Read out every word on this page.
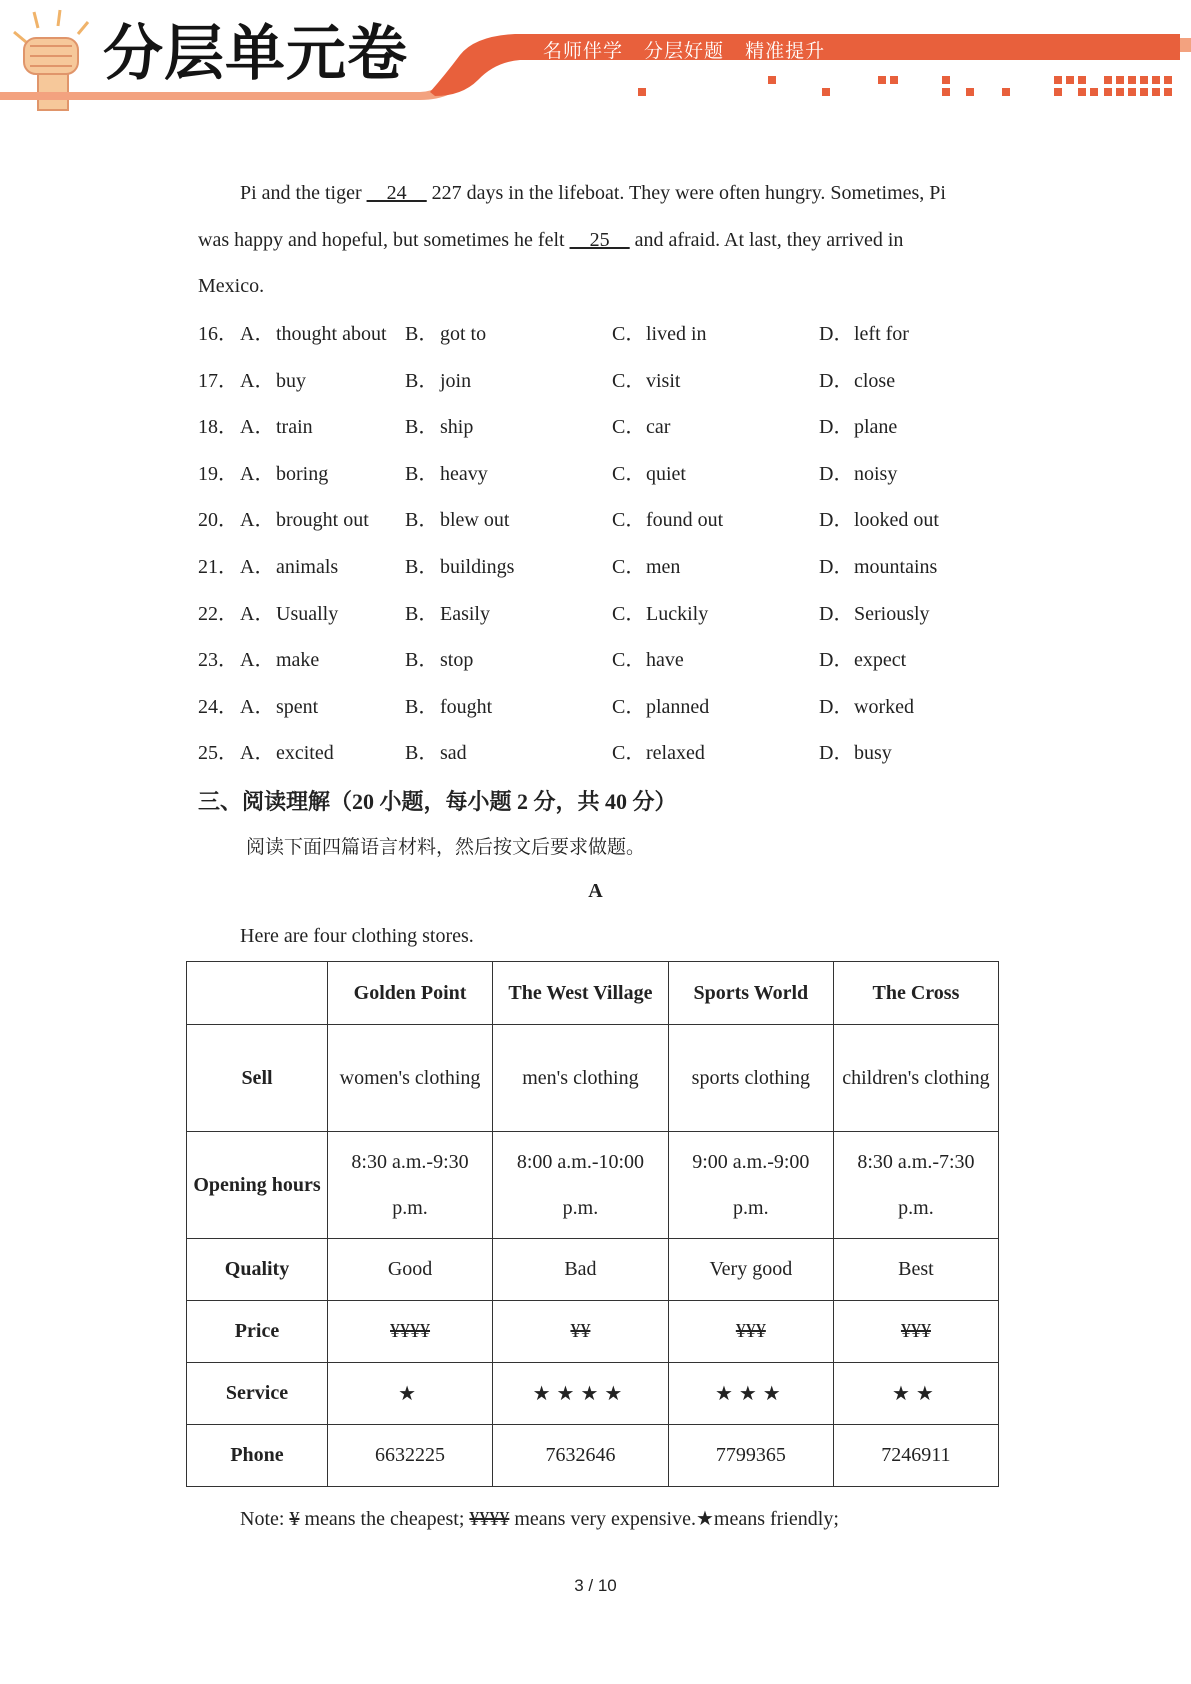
分层单元卷	名师伴学 分层好题 精准提升
Pi and the tiger __24__ 227 days in the lifeboat. They were often hungry. Sometimes, Pi
was happy and hopeful, but sometimes he felt __25__ and afraid. At last, they arrived in
Mexico.
16． A． thought about B． got to	C． lived in	D． left for
17． A． buy	B． join	C． visit	D． close
18． A． train	B． ship	C． car	D． plane
19． A． boring	B． heavy	C． quiet	D． noisy
20． A． brought out B． blew out	C． found out	D． looked out
21． A． animals	B． buildings	C． men	D． mountains
22． A． Usually	B． Easily	C． Luckily	D． Seriously
23． A． make	B． stop	C． have	D． expect
24． A． spent	B． fought	C． planned	D． worked
25． A． excited	B． sad	C． relaxed	D． busy
三、阅读理解（20 小题，每小题 2 分，共 40 分）
阅读下面四篇语言材料，然后按文后要求做题。
A
Here are four clothing stores.
	Golden Point	The West Village	Sports World	The Cross
Sell	women's clothing	men's clothing	sports clothing	children's clothing
Opening hours	8:30 a.m.-9:30 p.m.	8:00 a.m.-10:00 p.m.	9:00 a.m.-9:00 p.m.	8:30 a.m.-7:30 p.m.
Quality	Good	Bad	Very good	Best
Price	¥¥¥¥	¥¥	¥¥¥	¥¥¥
Service	★	★★★★	★★★	★★
Phone	6632225	7632646	7799365	7246911
Note: ¥ means the cheapest; ¥¥¥¥ means very expensive.★means friendly;
3 / 10
